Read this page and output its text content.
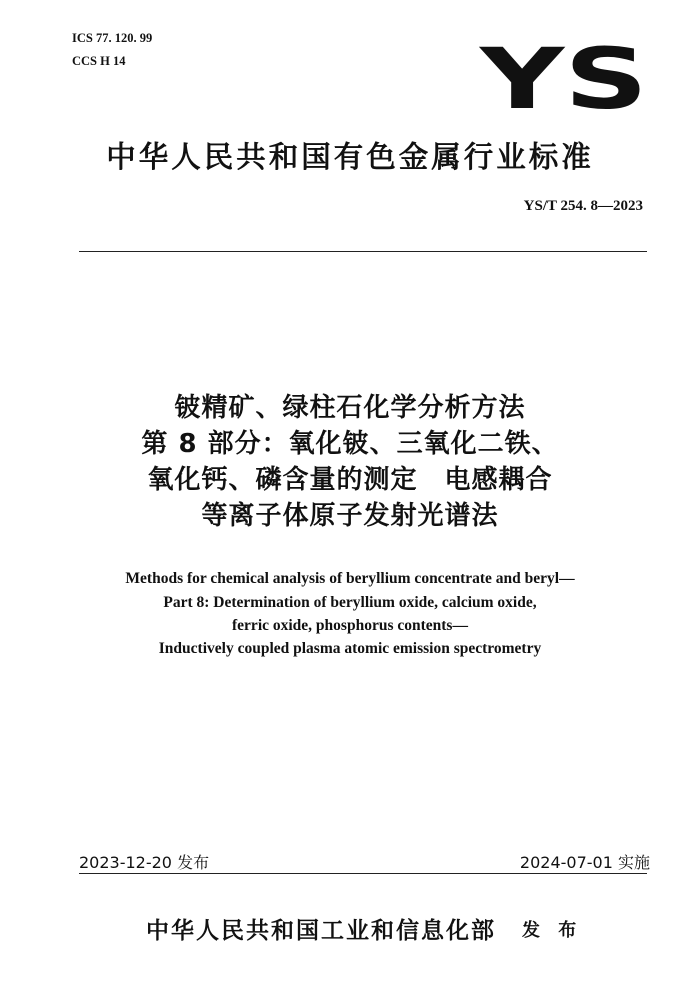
ICS 77. 120. 99
CCS H 14	YS
中华人民共和国有色金属行业标准
YS/T 254. 8—2023
铍精矿、绿柱石化学分析方法
第 8 部分：氧化铍、三氧化二铁、
氧化钙、磷含量的测定　电感耦合
等离子体原子发射光谱法
Methods for chemical analysis of beryllium concentrate and beryl—
Part 8: Determination of beryllium oxide, calcium oxide,
ferric oxide, phosphorus contents—
Inductively coupled plasma atomic emission spectrometry
2023-12-20 发布	2024-07-01 实施
中华人民共和国工业和信息化部 发 布
